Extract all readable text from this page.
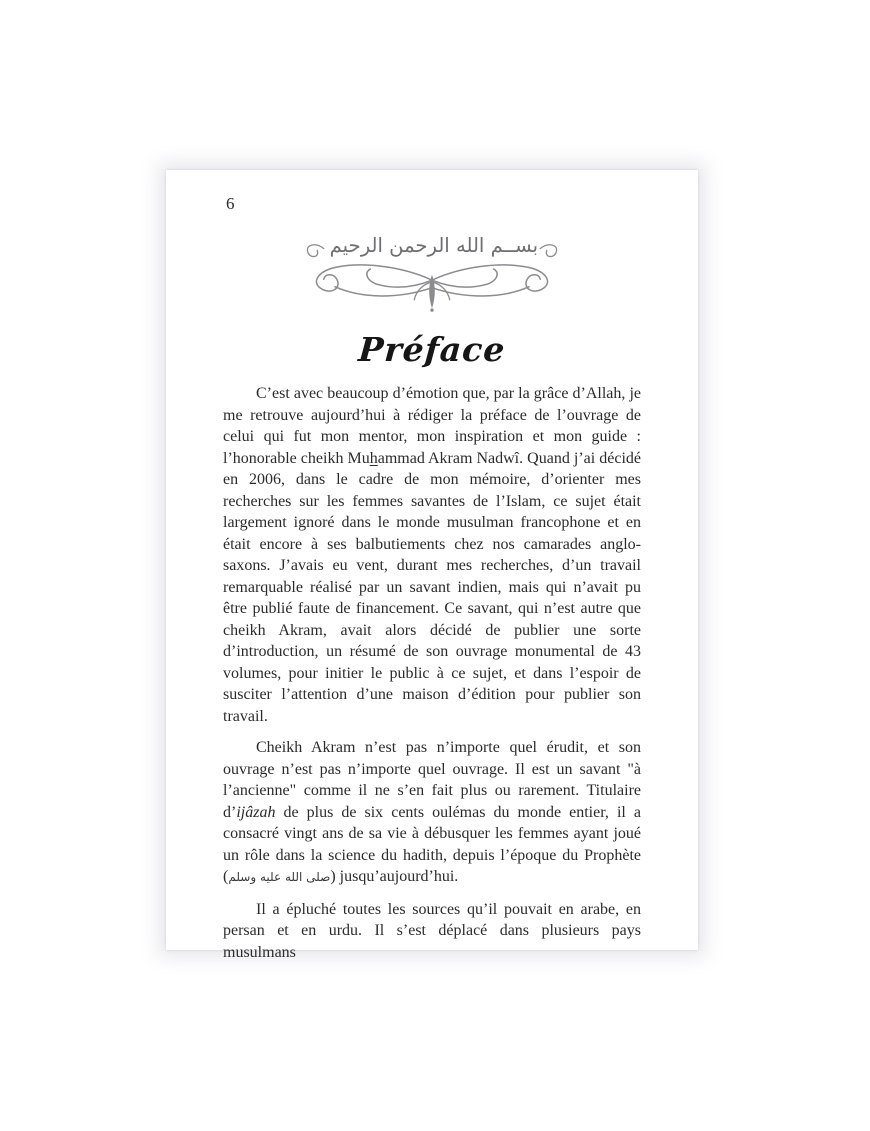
6
بســم الله الرحمن الرحيم
Préface

C’est avec beaucoup d’émotion que, par la grâce d’Allah, je me retrouve aujourd’hui à rédiger la préface de l’ouvrage de celui qui fut mon mentor, mon inspiration et mon guide : l’honorable cheikh Muhammad Akram Nadwî. Quand j’ai décidé en 2006, dans le cadre de mon mémoire, d’orienter mes recherches sur les femmes savantes de l’Islam, ce sujet était largement ignoré dans le monde musulman francophone et en était encore à ses balbutiements chez nos camarades anglo-saxons. J’avais eu vent, durant mes recherches, d’un travail remarquable réalisé par un savant indien, mais qui n’avait pu être publié faute de financement. Ce savant, qui n’est autre que cheikh Akram, avait alors décidé de publier une sorte d’introduction, un résumé de son ouvrage monumental de 43 volumes, pour initier le public à ce sujet, et dans l’espoir de susciter l’attention d’une maison d’édition pour publier son travail.

Cheikh Akram n’est pas n’importe quel érudit, et son ouvrage n’est pas n’importe quel ouvrage. Il est un savant "à l’ancienne" comme il ne s’en fait plus ou rarement. Titulaire d’ijâzah de plus de six cents oulémas du monde entier, il a consacré vingt ans de sa vie à débusquer les femmes ayant joué un rôle dans la science du hadith, depuis l’époque du Prophète (صلى الله عليه وسلم) jusqu’aujourd’hui.

Il a épluché toutes les sources qu’il pouvait en arabe, en persan et en urdu. Il s’est déplacé dans plusieurs pays musulmans
